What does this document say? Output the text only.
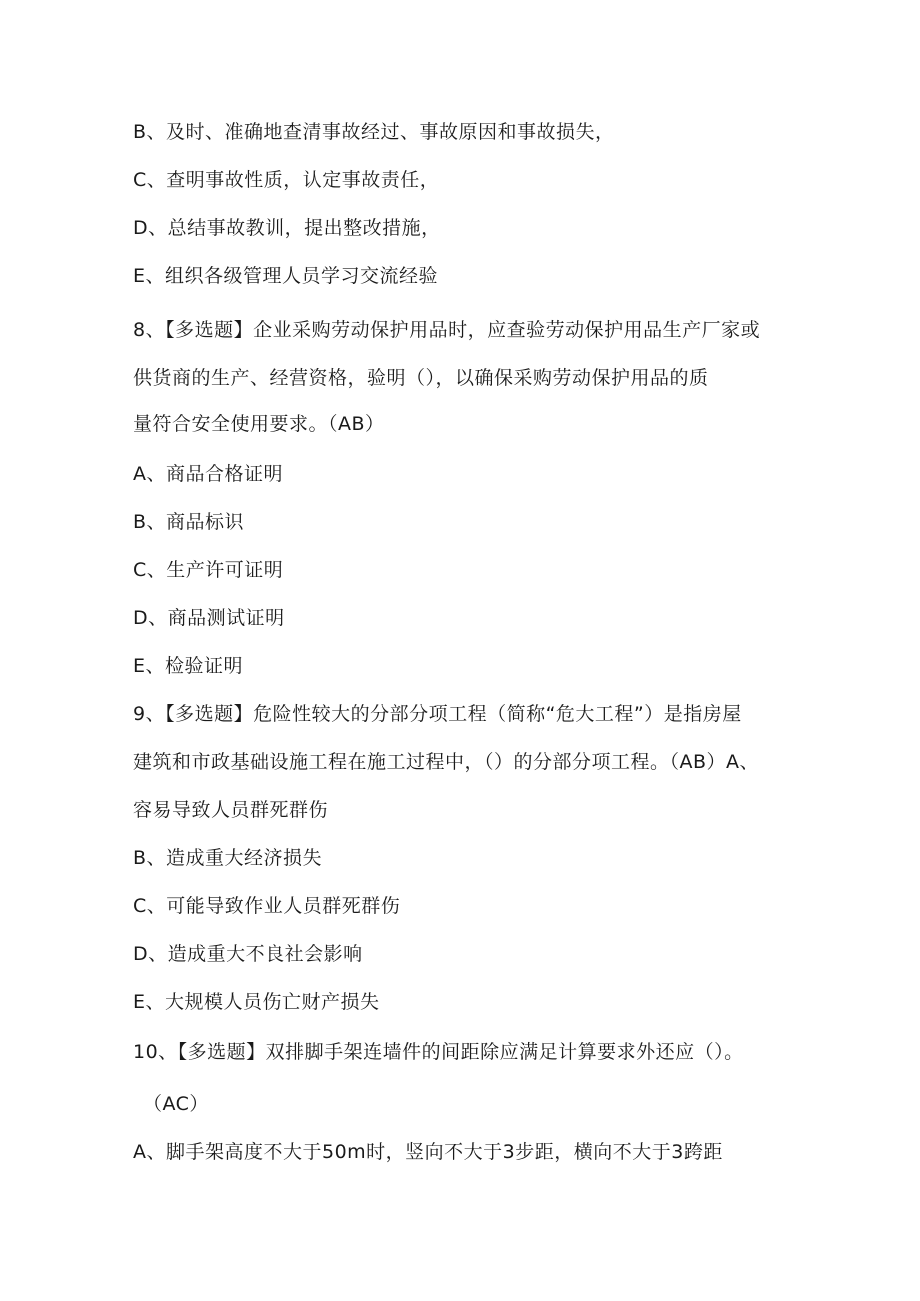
B、及时、准确地查清事故经过、事故原因和事故损失，
C、查明事故性质，认定事故责任，
D、总结事故教训，提出整改措施，
E、组织各级管理人员学习交流经验
8、【多选题】企业采购劳动保护用品时，应查验劳动保护用品生产厂家或
供货商的生产、经营资格，验明（），以确保采购劳动保护用品的质
量符合安全使用要求。（AB）
A、商品合格证明
B、商品标识
C、生产许可证明
D、商品测试证明
E、检验证明
9、【多选题】危险性较大的分部分项工程（简称“危大工程”）是指房屋
建筑和市政基础设施工程在施工过程中，（）的分部分项工程。（AB）A、
容易导致人员群死群伤
B、造成重大经济损失
C、可能导致作业人员群死群伤
D、造成重大不良社会影响
E、大规模人员伤亡财产损失
10、【多选题】双排脚手架连墙件的间距除应满足计算要求外还应（）。
（AC）
A、脚手架高度不大于50m时，竖向不大于3步距，横向不大于3跨距
